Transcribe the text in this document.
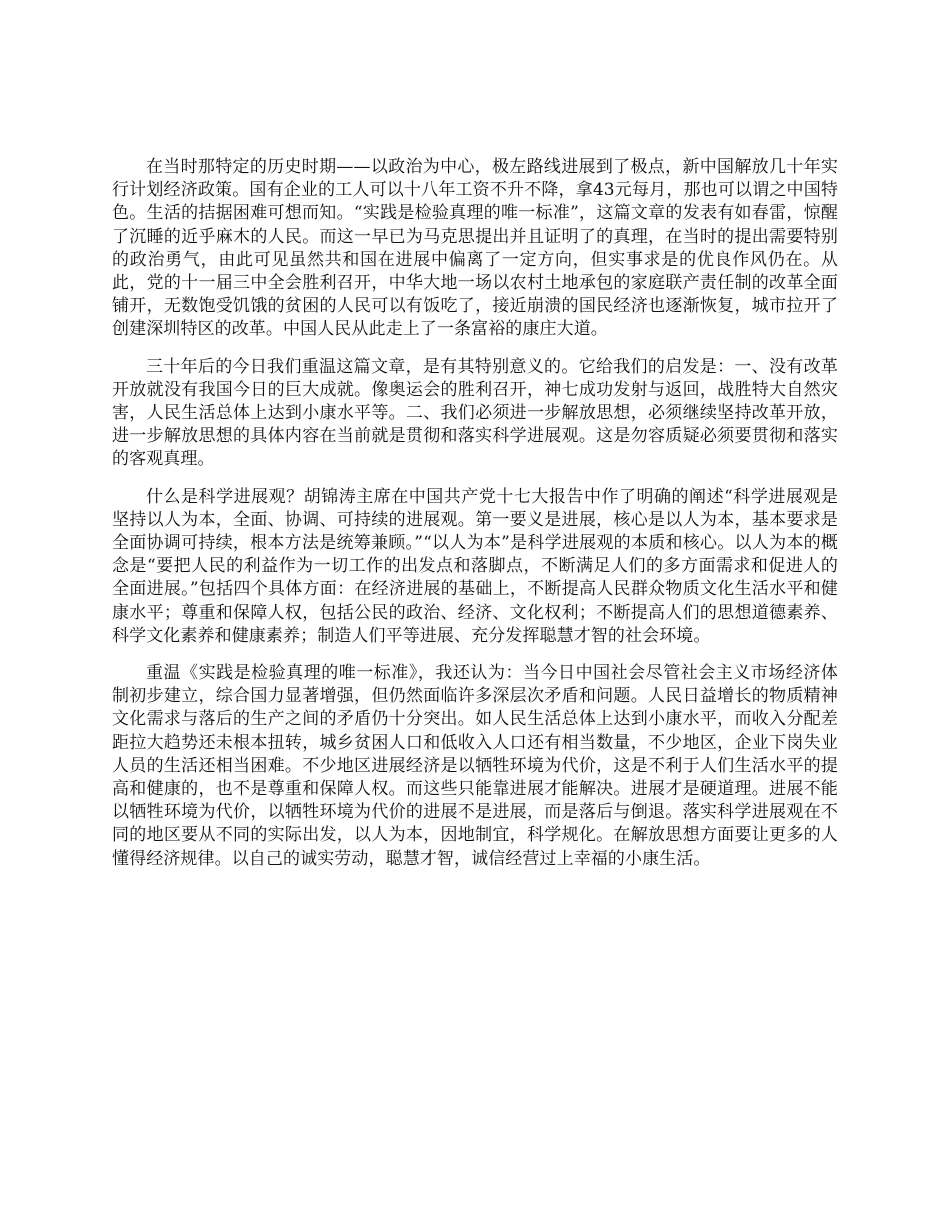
在当时那特定的历史时期——以政治为中心，极左路线进展到了极点，新中国解放几十年实行计划经济政策。国有企业的工人可以十八年工资不升不降，拿43元每月，那也可以谓之中国特色。生活的拮据困难可想而知。“实践是检验真理的唯一标准”，这篇文章的发表有如春雷，惊醒了沉睡的近乎麻木的人民。而这一早已为马克思提出并且证明了的真理，在当时的提出需要特别的政治勇气，由此可见虽然共和国在进展中偏离了一定方向，但实事求是的优良作风仍在。从此，党的十一届三中全会胜利召开，中华大地一场以农村土地承包的家庭联产责任制的改革全面铺开，无数饱受饥饿的贫困的人民可以有饭吃了，接近崩溃的国民经济也逐渐恢复，城市拉开了创建深圳特区的改革。中国人民从此走上了一条富裕的康庄大道。

三十年后的今日我们重温这篇文章，是有其特别意义的。它给我们的启发是：一、没有改革开放就没有我国今日的巨大成就。像奥运会的胜利召开，神七成功发射与返回，战胜特大自然灾害，人民生活总体上达到小康水平等。二、我们必须进一步解放思想，必须继续坚持改革开放，进一步解放思想的具体内容在当前就是贯彻和落实科学进展观。这是勿容质疑必须要贯彻和落实的客观真理。

什么是科学进展观？胡锦涛主席在中国共产党十七大报告中作了明确的阐述“科学进展观是坚持以人为本，全面、协调、可持续的进展观。第一要义是进展，核心是以人为本，基本要求是全面协调可持续，根本方法是统筹兼顾。”“以人为本”是科学进展观的本质和核心。以人为本的概念是“要把人民的利益作为一切工作的出发点和落脚点，不断满足人们的多方面需求和促进人的全面进展。”包括四个具体方面：在经济进展的基础上，不断提高人民群众物质文化生活水平和健康水平；尊重和保障人权，包括公民的政治、经济、文化权利；不断提高人们的思想道德素养、科学文化素养和健康素养；制造人们平等进展、充分发挥聪慧才智的社会环境。

重温《实践是检验真理的唯一标准》，我还认为：当今日中国社会尽管社会主义市场经济体制初步建立，综合国力显著增强，但仍然面临许多深层次矛盾和问题。人民日益增长的物质精神文化需求与落后的生产之间的矛盾仍十分突出。如人民生活总体上达到小康水平，而收入分配差距拉大趋势还未根本扭转，城乡贫困人口和低收入人口还有相当数量，不少地区，企业下岗失业人员的生活还相当困难。不少地区进展经济是以牺牲环境为代价，这是不利于人们生活水平的提高和健康的，也不是尊重和保障人权。而这些只能靠进展才能解决。进展才是硬道理。进展不能以牺牲环境为代价，以牺牲环境为代价的进展不是进展，而是落后与倒退。落实科学进展观在不同的地区要从不同的实际出发，以人为本，因地制宜，科学规化。在解放思想方面要让更多的人懂得经济规律。以自己的诚实劳动，聪慧才智，诚信经营过上幸福的小康生活。
